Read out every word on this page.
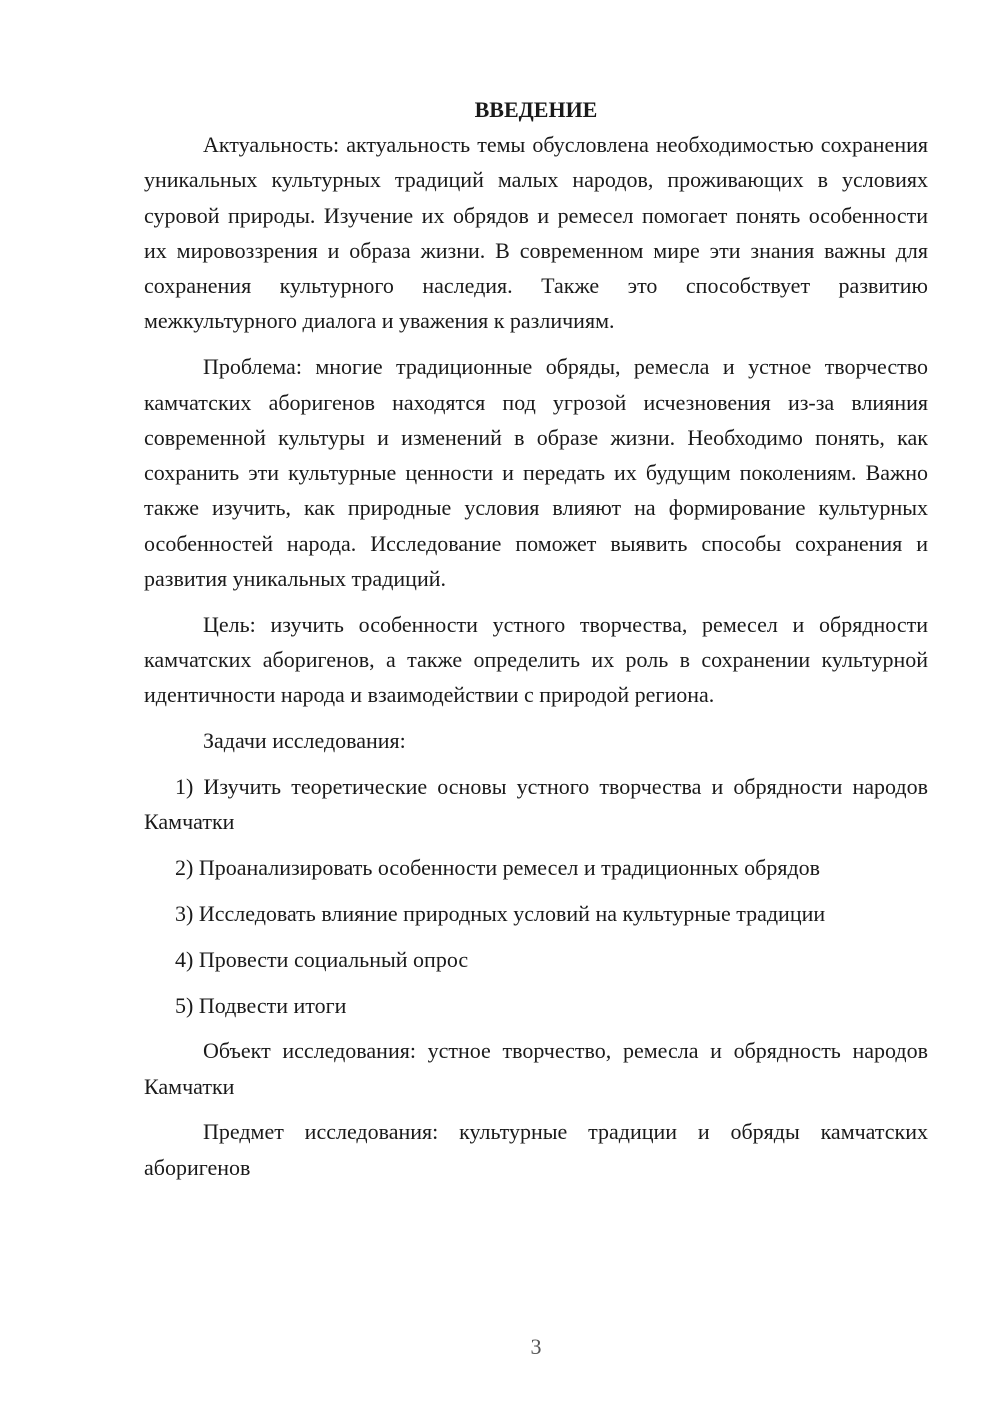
ВВЕДЕНИЕ

Актуальность: актуальность темы обусловлена необходимостью сохранения уникальных культурных традиций малых народов, проживающих в условиях суровой природы. Изучение их обрядов и ремесел помогает понять особенности их мировоззрения и образа жизни. В современном мире эти знания важны для сохранения культурного наследия. Также это способствует развитию межкультурного диалога и уважения к различиям.

Проблема: многие традиционные обряды, ремесла и устное творчество камчатских аборигенов находятся под угрозой исчезновения из-за влияния современной культуры и изменений в образе жизни. Необходимо понять, как сохранить эти культурные ценности и передать их будущим поколениям. Важно также изучить, как природные условия влияют на формирование культурных особенностей народа. Исследование поможет выявить способы сохранения и развития уникальных традиций.

Цель: изучить особенности устного творчества, ремесел и обрядности камчатских аборигенов, а также определить их роль в сохранении культурной идентичности народа и взаимодействии с природой региона.

Задачи исследования:

1) Изучить теоретические основы устного творчества и обрядности народов Камчатки

2) Проанализировать особенности ремесел и традиционных обрядов

3) Исследовать влияние природных условий на культурные традиции

4) Провести социальный опрос

5) Подвести итоги

Объект исследования: устное творчество, ремесла и обрядность народов Камчатки

Предмет исследования: культурные традиции и обряды камчатских аборигенов

3
